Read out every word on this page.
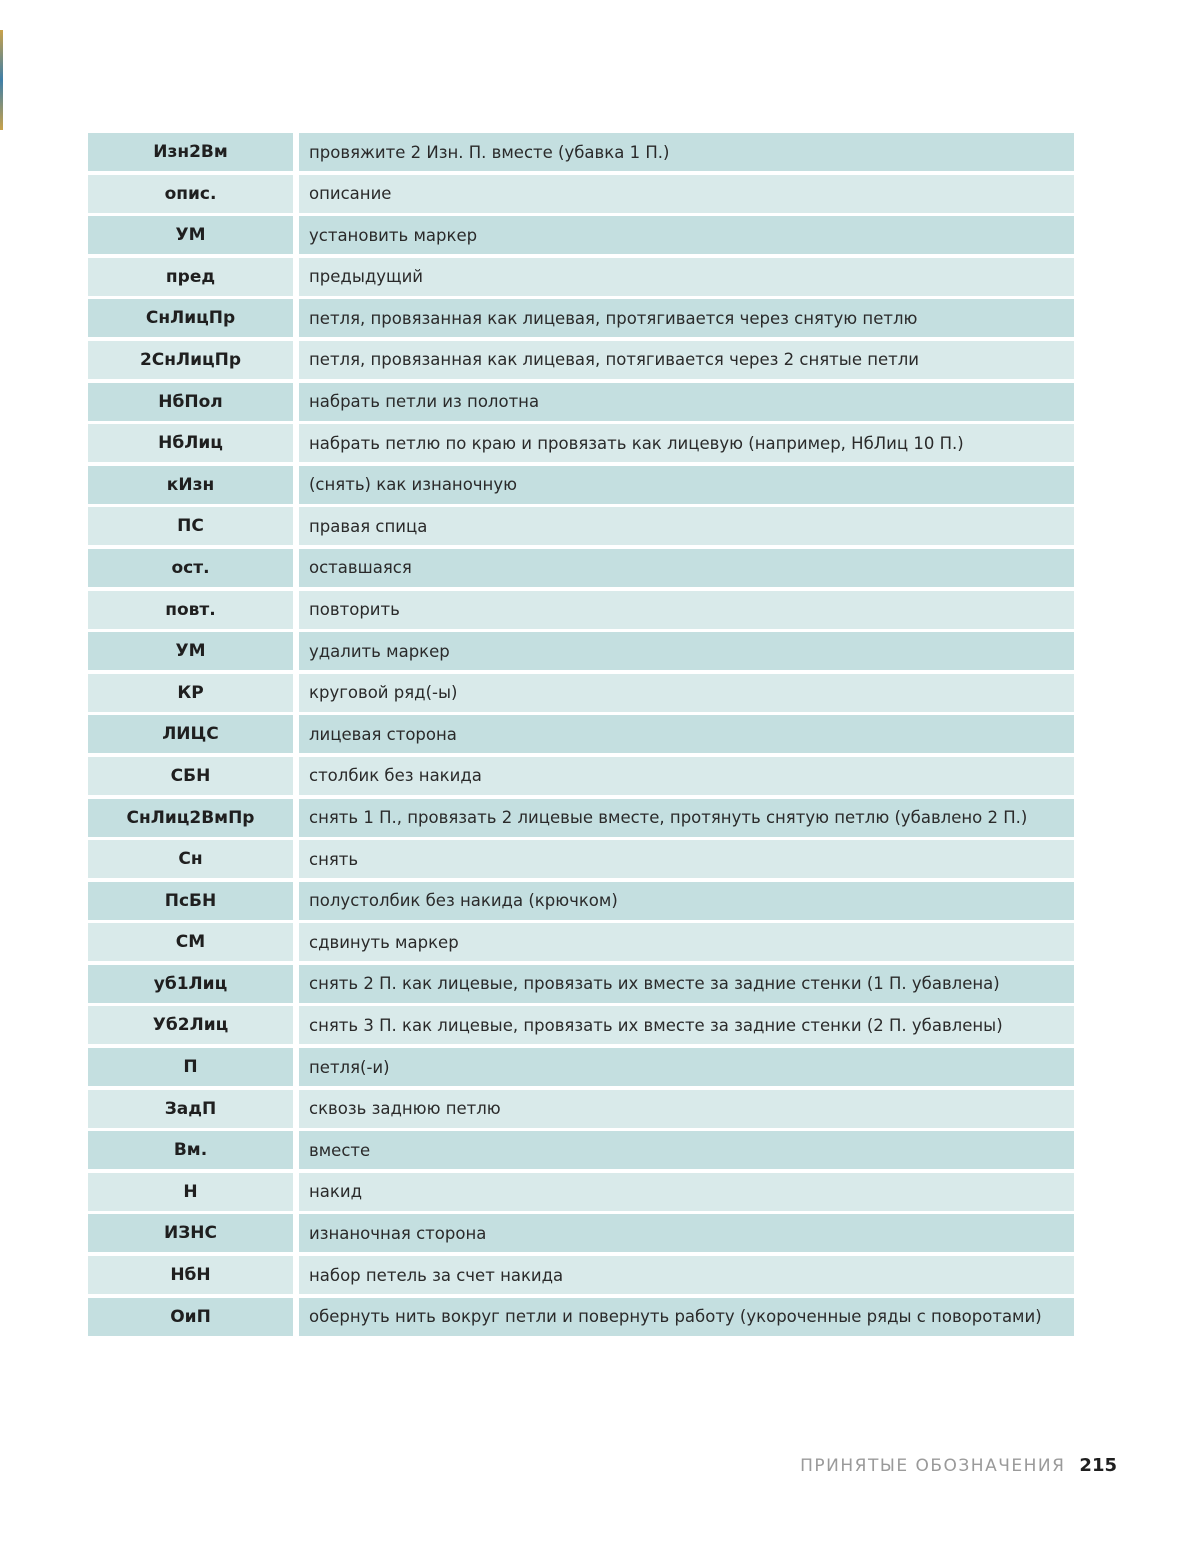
Изн2Вм	провяжите 2 Изн. П. вместе (убавка 1 П.)
опис.	описание
УМ	установить маркер
пред	предыдущий
СнЛицПр	петля, провязанная как лицевая, протягивается через снятую петлю
2СнЛицПр	петля, провязанная как лицевая, потягивается через 2 снятые петли
НбПол	набрать петли из полотна
НбЛиц	набрать петлю по краю и провязать как лицевую (например, НбЛиц 10 П.)
кИзн	(снять) как изнаночную
ПС	правая спица
ост.	оставшаяся
повт.	повторить
УМ	удалить маркер
КР	круговой ряд(-ы)
ЛИЦС	лицевая сторона
СБН	столбик без накида
СнЛиц2ВмПр	снять 1 П., провязать 2 лицевые вместе, протянуть снятую петлю (убавлено 2 П.)
Сн	снять
ПсБН	полустолбик без накида (крючком)
СМ	сдвинуть маркер
уб1Лиц	снять 2 П. как лицевые, провязать их вместе за задние стенки (1 П. убавлена)
Уб2Лиц	снять 3 П. как лицевые, провязать их вместе за задние стенки (2 П. убавлены)
П	петля(-и)
ЗадП	сквозь заднюю петлю
Вм.	вместе
Н	накид
ИЗНС	изнаночная сторона
НбН	набор петель за счет накида
ОиП	обернуть нить вокруг петли и повернуть работу (укороченные ряды с поворотами)
ПРИНЯТЫЕ ОБОЗНАЧЕНИЯ 215
